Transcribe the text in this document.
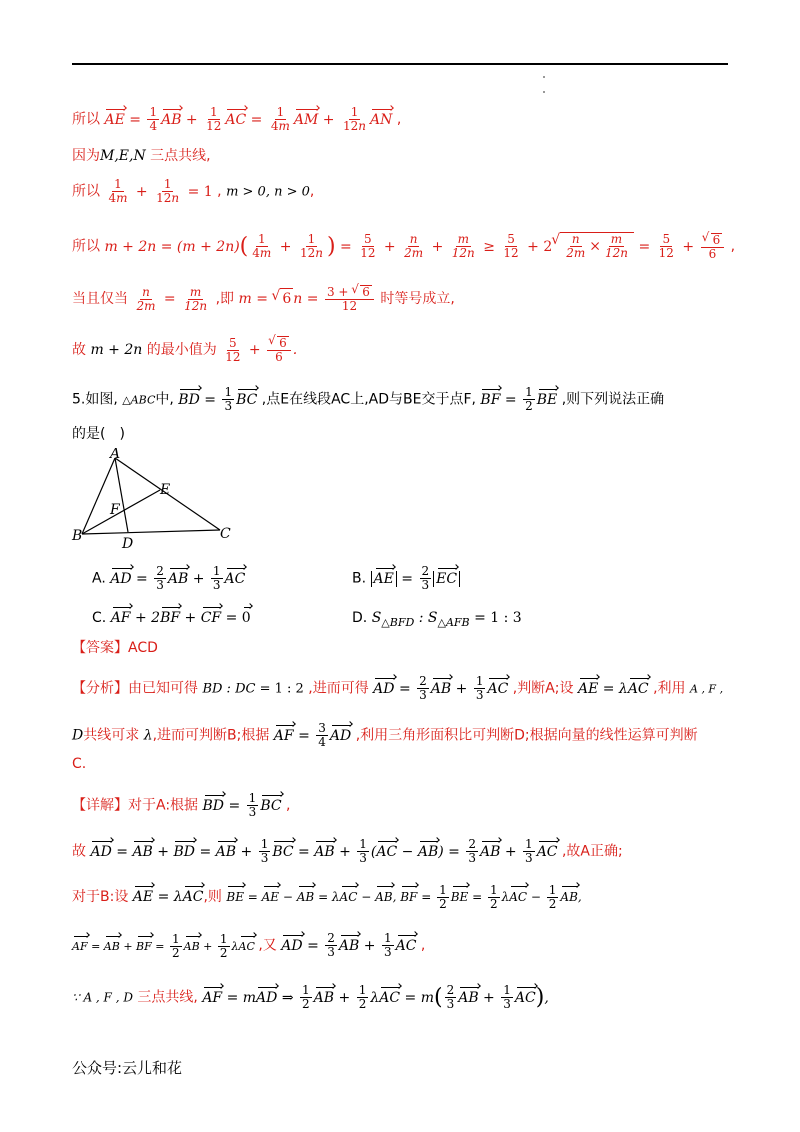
所以 AE = $\frac{1}{4}$ AB + $\frac{1}{12}$ AC = $\frac{1}{4m}$ AM + $\frac{1}{12n}$ AN ,
因为M,E,N 三点共线,
所以 $\frac{1}{4m} + \frac{1}{12n} = 1$ , m > 0, n > 0,
所以 $m + 2n = (m + 2n)( \frac{1}{4m} + \frac{1}{12n}$ ) = $\frac{5}{12} + \frac{n}{2m} + \frac{m}{12n} \ge \frac{5}{12} + 2$ √ $\frac{n}{2m} \times \frac{m}{12n} = \frac{5}{12}$ + √ $\frac{6}{6}$ ,
当且仅当 $\frac{n}{2m} = \frac{m}{12n}$ ,即 m = √ 6 $n = \frac{3 + √ 6}{12}$ 时等号成立,
故 m + 2n 的最小值为 $\frac{5}{12}$ + √ $\frac{6}{6}$ .
5.如图, △ABC中, BD = $\frac{1}{3}$ BC ,点E在线段AC上,AD与BE交于点F, BF = $\frac{1}{2}$ BE ,则下列说法正确
的是(　)
A
B	C
D
E
F
A. AD = $\frac{2}{3}$ AB + $\frac{1}{3}$ AC	B. AE = $\frac{2}{3}$ EC
C. AF + 2BF + CF = 0	D. $S_{\triangle BFD}$ : $S_{\triangle AFB} = 1$ : 3
【答案】ACD
【分析】由已知可得 BD : DC = 1 : 2 ,进而可得 AD = $\frac{2}{3}$ AB + $\frac{1}{3}$ AC ,判断A;设 AE = λAC ,利用 A , F ,
D共线可求 λ,进而可判断B;根据 AF = $\frac{3}{4}$ AD ,利用三角形面积比可判断D;根据向量的线性运算可判断
C.
【详解】对于A:根据 BD = $\frac{1}{3}$ BC ,
故 AD = AB + BD = AB + $\frac{1}{3}$ BC = AB + $\frac{1}{3} (AC - AB) = \frac{2}{3}$ AB + $\frac{1}{3}$ AC ,故A正确;
对于B:设 AE = λAC,则 BE = AE − AB = λAC − AB, BF = $\frac{1}{2}$ BE = $\frac{1}{2}$ $\lambda AC - \frac{1}{2}$ AB,
AF = AB + BF = $\frac{1}{2}$ AB + $\frac{1}{2}$ λAC ,又 AD = $\frac{2}{3}$ AB + $\frac{1}{3}$ AC ,
∵ A , F , D 三点共线, AF = mAD ⇒ $\frac{1}{2}$ AB + $\frac{1}{2}$ $\lambda AC = m( \frac{2}{3}$ AB + $\frac{1}{3} AC$),
公众号:云儿和花
